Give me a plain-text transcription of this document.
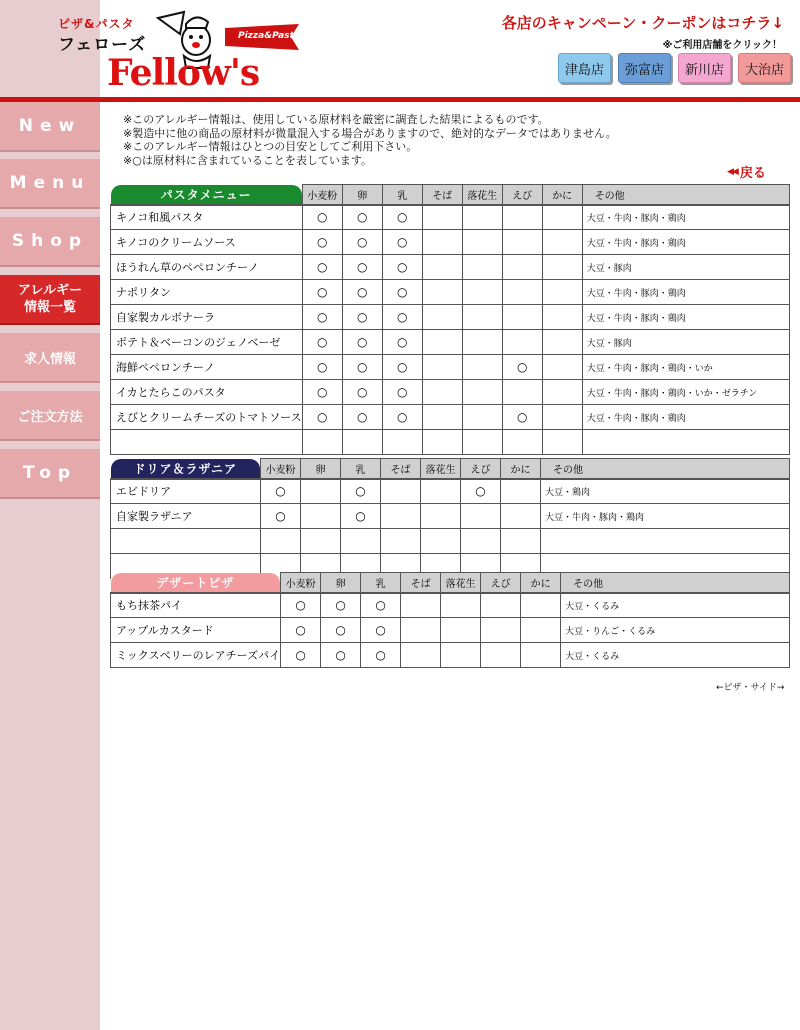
ピザ&パスタ
フェローズ	Pizza&Pasta
Fellow's
各店のキャンペーン・クーポンはコチラ↓
※ご利用店舗をクリック！
津島店	弥富店	新川店	大治店
New
Menu
Shop
アレルギー
情報一覧
求人情報
ご注文方法
Top
※このアレルギー情報は、使用している原材料を厳密に調査した結果によるものです。
※製造中に他の商品の原材料が微量混入する場合がありますので、絶対的なデータではありません。
※このアレルギー情報はひとつの目安としてご利用下さい。
※○は原材料に含まれていることを表しています。
◀◀ 戻る
パスタメニュー	小麦粉	卵	乳	そば	落花生	えび	かに	その他
キノコ和風パスタ	○	○	○					大豆・牛肉・豚肉・鶏肉
キノコのクリームソース	○	○	○					大豆・牛肉・豚肉・鶏肉
ほうれん草のペペロンチーノ	○	○	○					大豆・豚肉
ナポリタン	○	○	○					大豆・牛肉・豚肉・鶏肉
自家製カルボナーラ	○	○	○					大豆・牛肉・豚肉・鶏肉
ポテト＆ベーコンのジェノベーゼ	○	○	○					大豆・豚肉
海鮮ペペロンチーノ	○	○	○			○		大豆・牛肉・豚肉・鶏肉・いか
イカとたらこのパスタ	○	○	○					大豆・牛肉・豚肉・鶏肉・いか・ゼラチン
えびとクリームチーズのトマトソース	○	○	○			○		大豆・牛肉・豚肉・鶏肉

ドリア＆ラザニア	小麦粉	卵	乳	そば	落花生	えび	かに	その他
エビドリア	○		○			○		大豆・鶏肉
自家製ラザニア	○		○					大豆・牛肉・豚肉・鶏肉

デザートピザ	小麦粉	卵	乳	そば	落花生	えび	かに	その他
もち抹茶パイ	○	○	○					大豆・くるみ
アップルカスタード	○	○	○					大豆・りんご・くるみ
ミックスベリーのレアチーズパイ	○	○	○					大豆・くるみ
←ピザ・サイド→
